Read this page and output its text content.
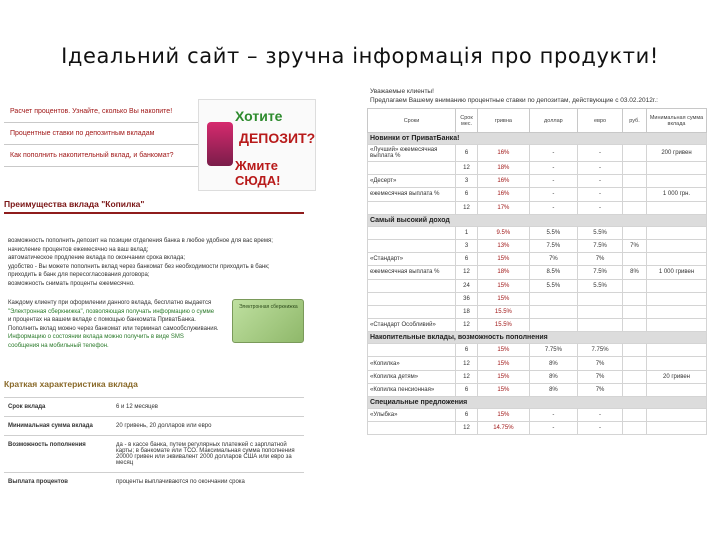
Ідеальний сайт – зручна інформація про продукти!
Расчет процентов. Узнайте, сколько Вы накопите!
Процентные ставки по депозитным вкладам
Как пополнить накопительный вклад, и банкомат?
Хотите
ДЕПОЗИТ?
Жмите СЮДА!
Преимущества вклада "Копилка"
возможность пополнить депозит на позиции отделения банка в любое удобное для вас время;
начисление процентов ежемесячно на ваш вклад;
автоматическое продление вклада по окончании срока вклада;
удобство - Вы можете пополнить вклад через банкомат без необходимости приходить в банк;
приходить в банк для пересогласования договора;
возможность снимать проценты ежемесячно.
Каждому клиенту при оформлении данного вклада, бесплатно выдается
"Электронная сберкнижка", позволяющая получать информацию о сумме
и процентах на вашем вкладе с помощью банкомата ПриватБанка.
Пополнить вклад можно через банкомат или терминал самообслуживания.
Информацию о состоянии вклада можно получить в виде SMS
сообщения на мобильный телефон.
Электронная сберкнижка
Краткая характеристика вклада
Срок вклада	6 и 12 месяцев
Минимальная сумма вклада	20 гривень, 20 долларов или евро
Возможность пополнения	да - в кассе банка, путем регулярных платежей с зарплатной карты; в банкомате или ТСО. Максимальная сумма пополнения 20000 гривен или эквивалент 2000 долларов США или евро за месяц
Выплата процентов	проценты выплачиваются по окончании срока
Уважаемые клиенты!
Предлагаем Вашему вниманию процентные ставки по депозитам, действующие с 03.02.2012г.:
Сроки	Срок мес.	гривна	доллар	евро	руб.	Минимальная сумма вклада
Новинки от ПриватБанка!						
«Лучший» ежемесячная выплата %	6	16%	-	-		200 гривен
	12	18%	-	-		
«Десерт»	3	16%	-	-		
ежемесячная выплата %	6	16%	-	-		1 000 грн.
	12	17%	-	-		
Самый высокий доход						
	1	9.5%	5.5%	5.5%		
	3	13%	7.5%	7.5%	7%	
«Стандарт»	6	15%	7%	7%		
ежемесячная выплата %	12	18%	8.5%	7.5%	8%	1 000 гривен
	24	15%	5.5%	5.5%		
	36	15%				
	18	15.5%				
«Стандарт Особливий»	12	15.5%				
Накопительные вклады, возможность пополнения						
	6	15%	7.75%	7.75%		
«Копилка»	12	15%	8%	7%		
«Копилка детям»	12	15%	8%	7%		20 гривен
«Копилка пенсионная»	6	15%	8%	7%		
Специальные предложения						
«Улыбка»	6	15%	-	-		
	12	14.75%	-	-		
